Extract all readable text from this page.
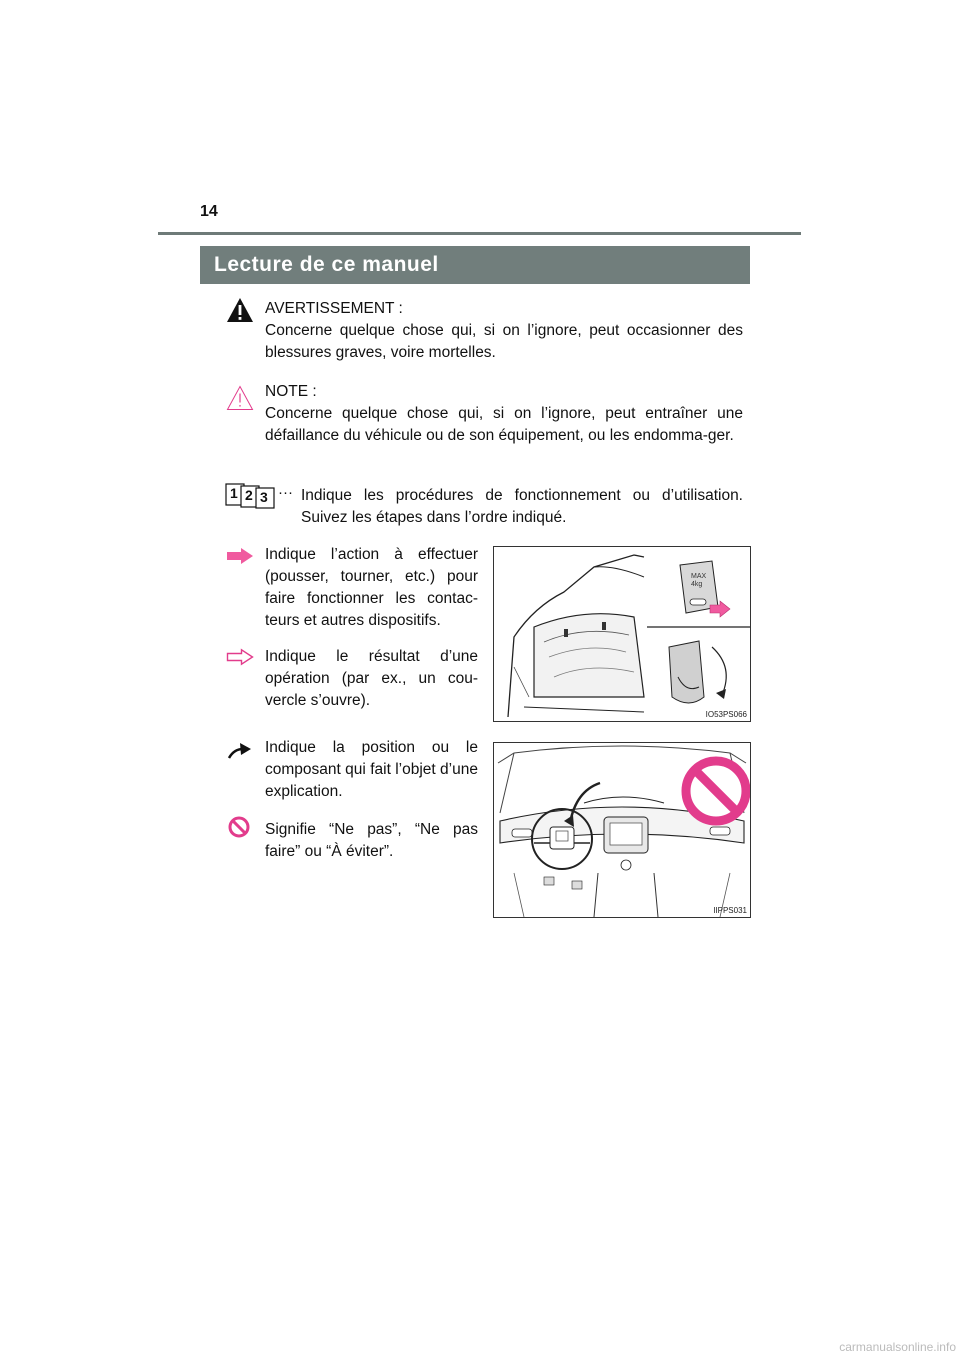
14
Lecture de ce manuel

AVERTISSEMENT :

Concerne quelque chose qui, si on l’ignore, peut occasionner des blessures graves, voire mortelles.

NOTE :

Concerne quelque chose qui, si on l’ignore, peut entraîner une défaillance du véhicule ou de son équipement, ou les endomma-ger.

1 2 3 ··· Indique les procédures de fonctionnement ou d’utilisation. Suivez les étapes dans l’ordre indiqué.

Indique l’action à effectuer (pousser, tourner, etc.) pour faire fonctionner les contac-teurs et autres dispositifs.
Indique le résultat d’une opération (par ex., un cou-vercle s’ouvre).
Indique la position ou le composant qui fait l’objet d’une explication.
Signifie “Ne pas”, “Ne pas faire” ou “À éviter”.
MAX
4kg
IO53PS066
IIPPS031
carmanualsonline.info
